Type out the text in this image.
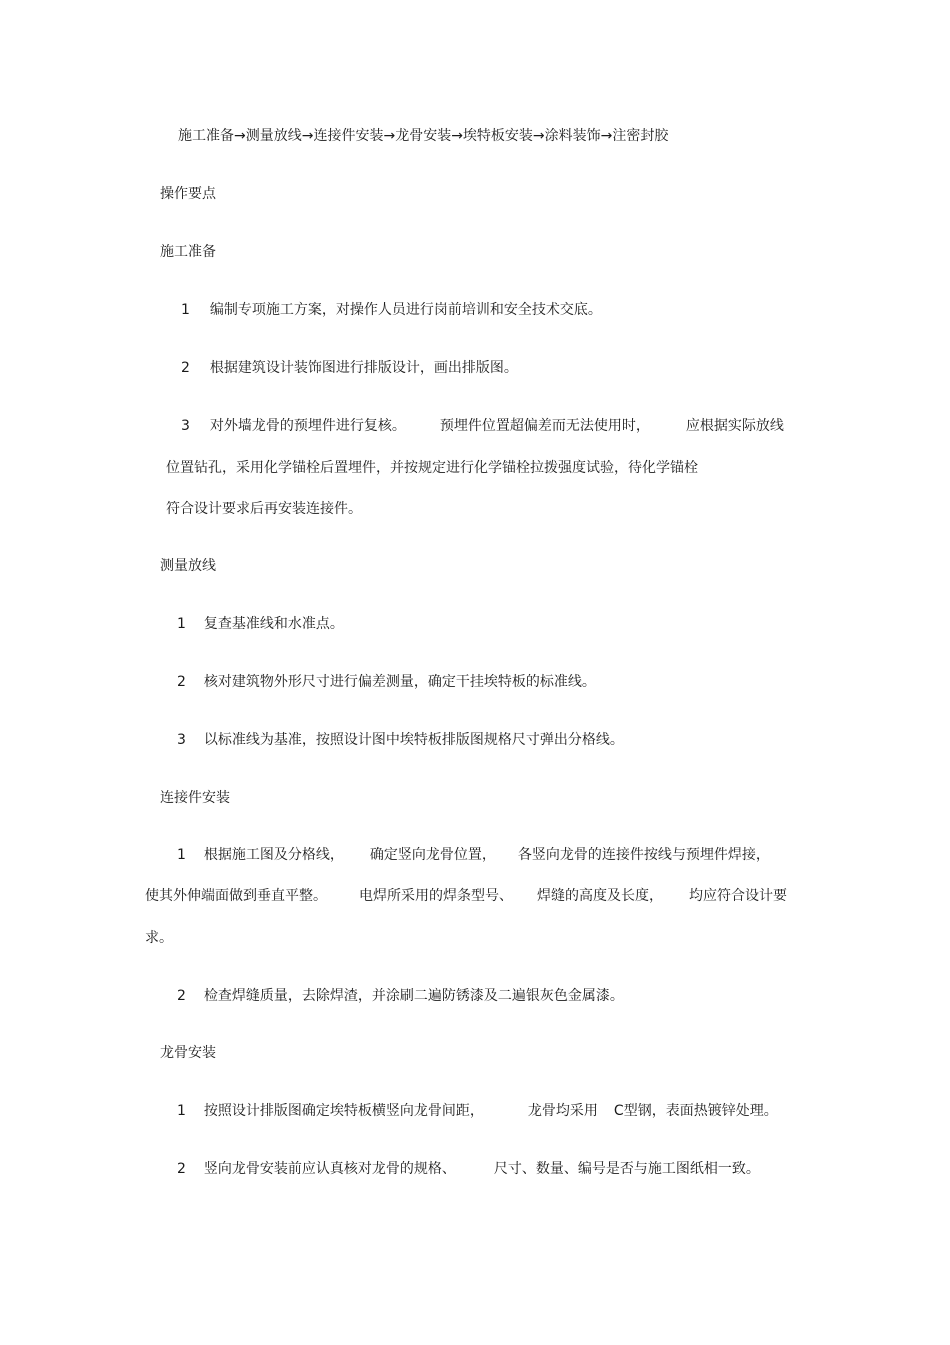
施工准备→测量放线→连接件安装→龙骨安装→埃特板安装→涂料装饰→注密封胶
操作要点
施工准备
1 编制专项施工方案，对操作人员进行岗前培训和安全技术交底。
2 根据建筑设计装饰图进行排版设计，画出排版图。
3 对外墙龙骨的预埋件进行复核。 预埋件位置超偏差而无法使用时，	应根据实际放线
位置钻孔，采用化学锚栓后置埋件，并按规定进行化学锚栓拉拨强度试验，待化学锚栓
符合设计要求后再安装连接件。
测量放线
1 复查基准线和水准点。
2 核对建筑物外形尺寸进行偏差测量，确定干挂埃特板的标准线。
3 以标准线为基准，按照设计图中埃特板排版图规格尺寸弹出分格线。
连接件安装
1 根据施工图及分格线， 确定竖向龙骨位置， 各竖向龙骨的连接件按线与预埋件焊接，
使其外伸端面做到垂直平整。 电焊所采用的焊条型号、 焊缝的高度及长度， 均应符合设计要
求。
2 检查焊缝质量，去除焊渣，并涂刷二遍防锈漆及二遍银灰色金属漆。
龙骨安装
1 按照设计排版图确定埃特板横竖向龙骨间距，	龙骨均采用 C型钢，表面热镀锌处理。
2 竖向龙骨安装前应认真核对龙骨的规格、	尺寸、数量、编号是否与施工图纸相一致。
